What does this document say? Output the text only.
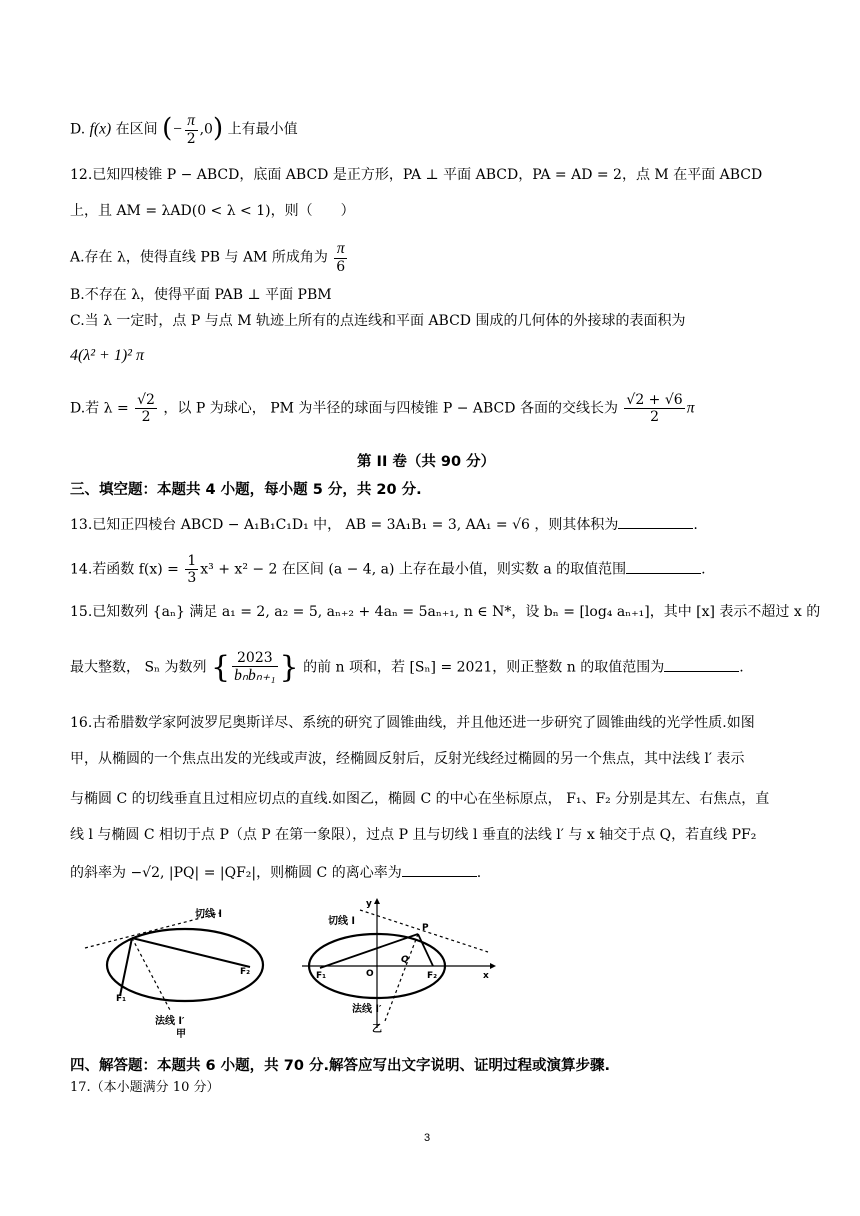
D. f(x) 在区间 (− $\frac{\pi}{2} ,0$) 上有最小值
12.已知四棱锥 P − ABCD，底面 ABCD 是正方形，PA ⊥ 平面 ABCD，PA = AD = 2，点 M 在平面 ABCD
上，且 AM = λAD(0 < λ < 1)，则（　　）
A.存在 λ，使得直线 PB 与 AM 所成角为 $\frac{\pi}{6}$
B.不存在 λ，使得平面 PAB ⊥ 平面 PBM
C.当 λ 一定时，点 P 与点 M 轨迹上所有的点连线和平面 ABCD 围成的几何体的外接球的表面积为
4(λ² + 1)² π
D.若 $\lambda = \frac{√2}{2}$ ，以 P 为球心， PM 为半径的球面与四棱锥 P − ABCD 各面的交线长为 $\frac{√2 + √6}{2}$ π
第 II 卷（共 90 分）
三、填空题：本题共 4 小题，每小题 5 分，共 20 分.
13.已知正四棱台 ABCD − A₁B₁C₁D₁ 中， AB = 3A₁B₁ = 3, AA₁ = √6 ，则其体积为	.
14.若函数 $f(x) = \frac{1}{3} x^3 + x^2 - 2$ 在区间 (a − 4, a) 上存在最小值，则实数 a 的取值范围	.
15.已知数列 {aₙ} 满足 a₁ = 2, a₂ = 5, aₙ₊₂ + 4aₙ = 5aₙ₊₁, n ∈ N*，设 bₙ = [log₄ aₙ₊₁]，其中 [x] 表示不超过 x 的
最大整数， Sₙ 为数列 { $\frac{2023}{\text{bₙbₙ₊₁}}$ } 的前 n 项和，若 [Sₙ] = 2021，则正整数 n 的取值范围为	.
16.古希腊数学家阿波罗尼奥斯详尽、系统的研究了圆锥曲线，并且他还进一步研究了圆锥曲线的光学性质.如图
甲，从椭圆的一个焦点出发的光线或声波，经椭圆反射后，反射光线经过椭圆的另一个焦点，其中法线 l′ 表示
与椭圆 C 的切线垂直且过相应切点的直线.如图乙，椭圆 C 的中心在坐标原点， F₁、F₂ 分别是其左、右焦点，直
线 l 与椭圆 C 相切于点 P（点 P 在第一象限），过点 P 且与切线 l 垂直的法线 l′ 与 x 轴交于点 Q，若直线 PF₂
的斜率为 −√2, |PQ| = |QF₂|，则椭圆 C 的离心率为	.
切线 l
F₁
F₂
法线 l′
甲
y
x
切线 l
P
Q
O
F₁	F₂
法线 l′
乙
四、解答题：本题共 6 小题，共 70 分.解答应写出文字说明、证明过程或演算步骤.
17.（本小题满分 10 分）
3
